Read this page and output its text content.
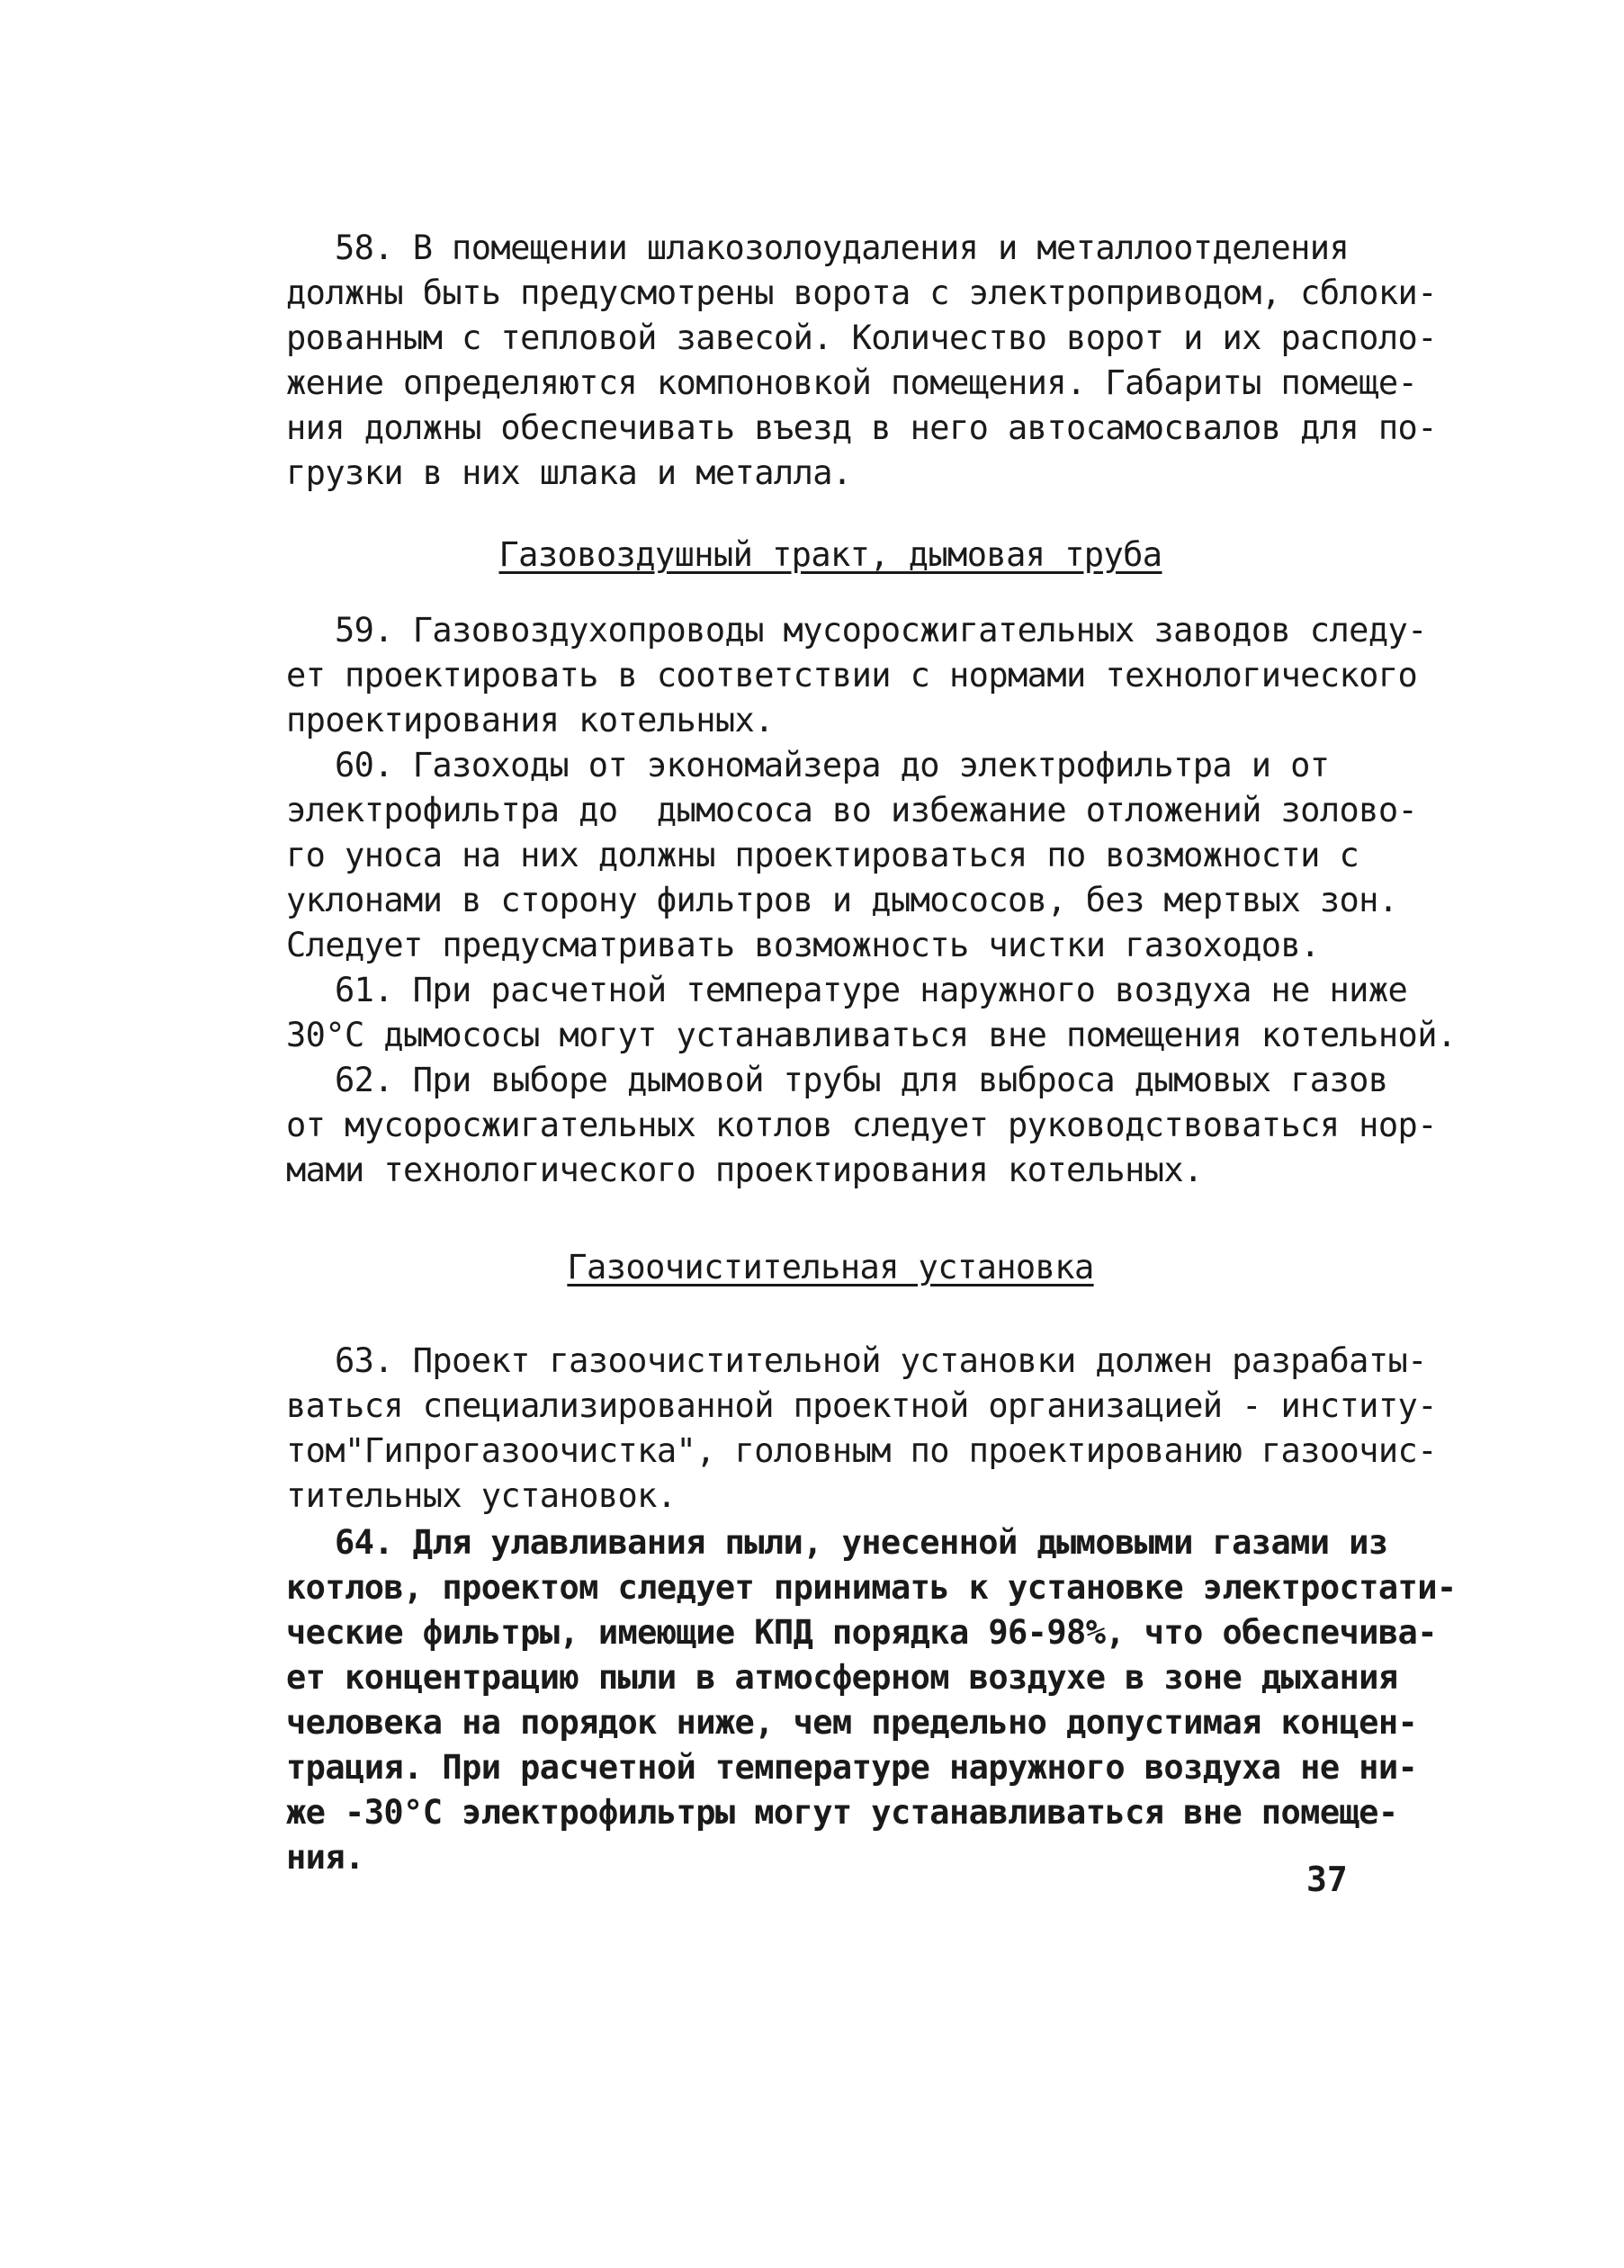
58. В помещении шлакозолоудаления и металлоотделения
должны быть предусмотрены ворота с электроприводом, сблоки-
рованным с тепловой завесой. Количество ворот и их располо-
жение определяются компоновкой помещения. Габариты помеще-
ния должны обеспечивать въезд в него автосамосвалов для по-
грузки в них шлака и металла.
Газовоздушный тракт, дымовая труба
59. Газовоздухопроводы мусоросжигательных заводов следу-
ет проектировать в соответствии с нормами технологического
проектирования котельных.
60. Газоходы от экономайзера до электрофильтра и от
электрофильтра до  дымососа во избежание отложений золово-
го уноса на них должны проектироваться по возможности с
уклонами в сторону фильтров и дымососов, без мертвых зон.
Следует предусматривать возможность чистки газоходов.
61. При расчетной температуре наружного воздуха не ниже
30°С дымососы могут устанавливаться вне помещения котельной.
62. При выборе дымовой трубы для выброса дымовых газов
от мусоросжигательных котлов следует руководствоваться нор-
мами технологического проектирования котельных.
Газоочистительная установка
63. Проект газоочистительной установки должен разрабаты-
ваться специализированной проектной организацией - институ-
том"Гипрогазоочистка", головным по проектированию газоочис-
тительных установок.
64. Для улавливания пыли, унесенной дымовыми газами из
котлов, проектом следует принимать к установке электростати-
ческие фильтры, имеющие КПД порядка 96-98%, что обеспечива-
ет концентрацию пыли в атмосферном воздухе в зоне дыхания
человека на порядок ниже, чем предельно допустимая концен-
трация. При расчетной температуре наружного воздуха не ни-
же -30°С электрофильтры могут устанавливаться вне помеще-
ния.
37
